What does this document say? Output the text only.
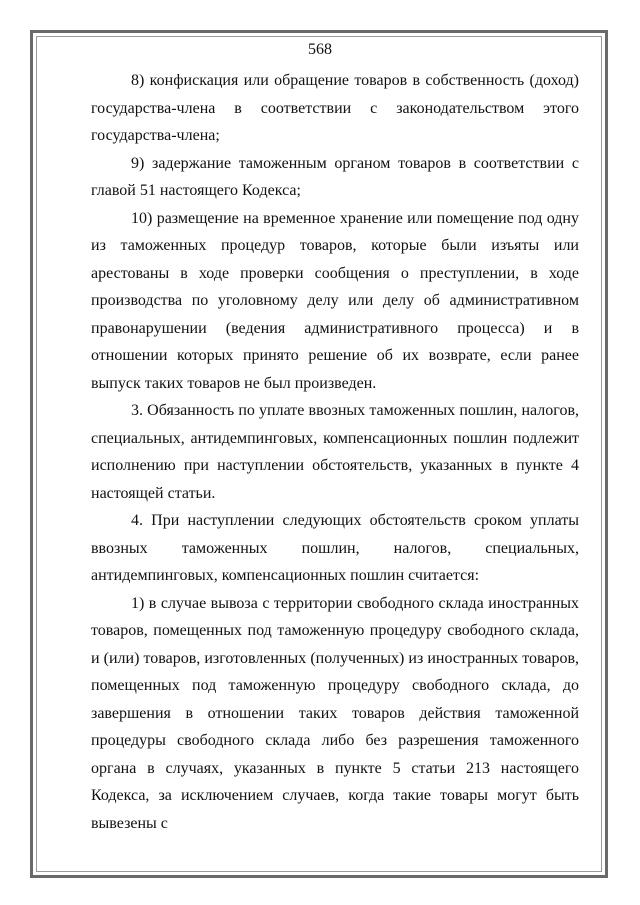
568

8) конфискация или обращение товаров в собственность (доход) государства-члена в соответствии с законодательством этого государства-члена;

9) задержание таможенным органом товаров в соответствии с главой 51 настоящего Кодекса;

10) размещение на временное хранение или помещение под одну из таможенных процедур товаров, которые были изъяты или арестованы в ходе проверки сообщения о преступлении, в ходе производства по уголовному делу или делу об административном правонарушении (ведения административного процесса) и в отношении которых принято решение об их возврате, если ранее выпуск таких товаров не был произведен.

3. Обязанность по уплате ввозных таможенных пошлин, налогов, специальных, антидемпинговых, компенсационных пошлин подлежит исполнению при наступлении обстоятельств, указанных в пункте 4 настоящей статьи.

4. При наступлении следующих обстоятельств сроком уплаты ввозных таможенных пошлин, налогов, специальных, антидемпинговых, компенсационных пошлин считается:

1) в случае вывоза с территории свободного склада иностранных товаров, помещенных под таможенную процедуру свободного склада, и (или) товаров, изготовленных (полученных) из иностранных товаров, помещенных под таможенную процедуру свободного склада, до завершения в отношении таких товаров действия таможенной процедуры свободного склада либо без разрешения таможенного органа в случаях, указанных в пункте 5 статьи 213 настоящего Кодекса, за исключением случаев, когда такие товары могут быть вывезены с
